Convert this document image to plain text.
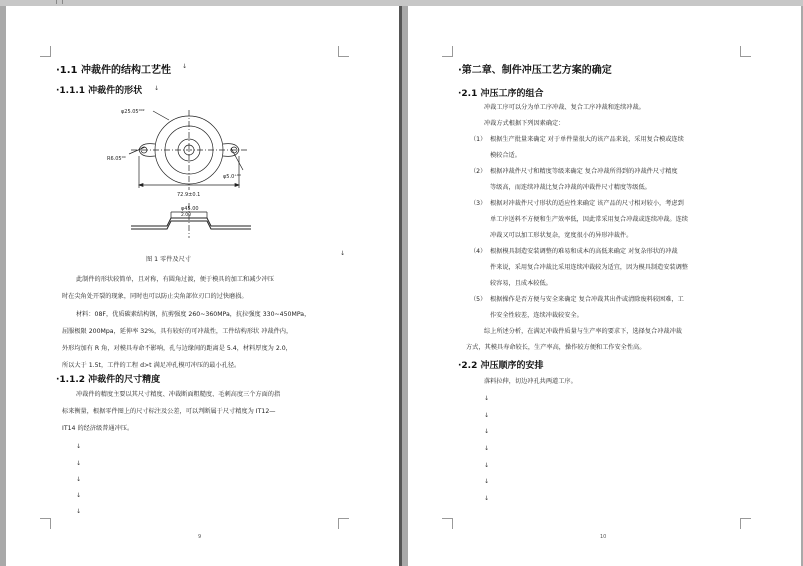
·1.1 冲裁件的结构工艺性 ↓
·1.1.1 冲裁件的形状 ↓
φ25.05⁰⁰²
R6.05⁰⁰
φ5.0⁺⁰⁰
72.9±0.1
φ45.00
2.00
图 1 零件及尺寸
↓
此制件的形状较简单，且对称，有圆角过渡，便于模具的加工和减少冲压
时在尖角处开裂的现象，同时也可以防止尖角部位刃口的过快磨损。
材料：08F，优质碳素结构钢，抗剪强度 260~360MPa，抗拉强度 330~450MPa，
屈服极限 200Mpa，延伸率 32%，具有较好的可冲裁性，工件结构形状 冲裁件内，
外形均加有 R 角，对模具寿命不影响，孔与边缘间的距离是 5.4，材料厚度为 2.0，
所以大于 1.5t，工件的工程 d>t 满足冲孔模可冲压的最小孔径。
·1.1.2 冲裁件的尺寸精度
冲裁件的精度主要以其尺寸精度、冲裁断面粗糙度、毛刺高度三个方面的指
标来衡量，根据零件图上的尺寸标注及公差，可以判断属于尺寸精度为 IT12—
IT14 的经济级普通冲压。
↓
↓
↓
↓
↓
9
·第二章、制件冲压工艺方案的确定
·2.1 冲压工序的组合
冲裁工序可以分为单工序冲裁、复合工序冲裁和连续冲裁。
冲裁方式根据下列因素确定：
（1） 根据生产批量来确定 对于单件量很大的该产品来说，采用复合模或连续
模较合适。
（2） 根据冲裁件尺寸和精度等级来确定 复合冲裁所得到的冲裁件尺寸精度
等级高，而连续冲裁比复合冲裁的冲裁件尺寸精度等级低。
（3） 根据对冲裁件尺寸形状的适应性来确定 该产品的尺寸相对较小，考虑到
单工序送料不方便和生产效率低，因此常采用复合冲裁或连续冲裁。连续
冲裁又可以加工形状复杂，宽度很小的异形冲裁件。
（4） 根据模具制造安装调整的难易和成本的高低来确定 对复杂形状的冲裁
件来说，采用复合冲裁比采用连续冲裁较为适宜，因为模具制造安装调整
较容易，且成本较低。
（5） 根据操作是否方便与安全来确定 复合冲裁其出件或清除废料较困难，工
作安全性较差，连续冲裁较安全。
综上所述分析，在满足冲裁件质量与生产率的要求下，选择复合冲裁冲裁
方式，其模具寿命较长，生产率高，操作较方便和工作安全性高。
·2.2 冲压顺序的安排
落料拉伸，切边冲孔共两道工序。
↓
↓
↓
↓
↓
↓
↓
10
